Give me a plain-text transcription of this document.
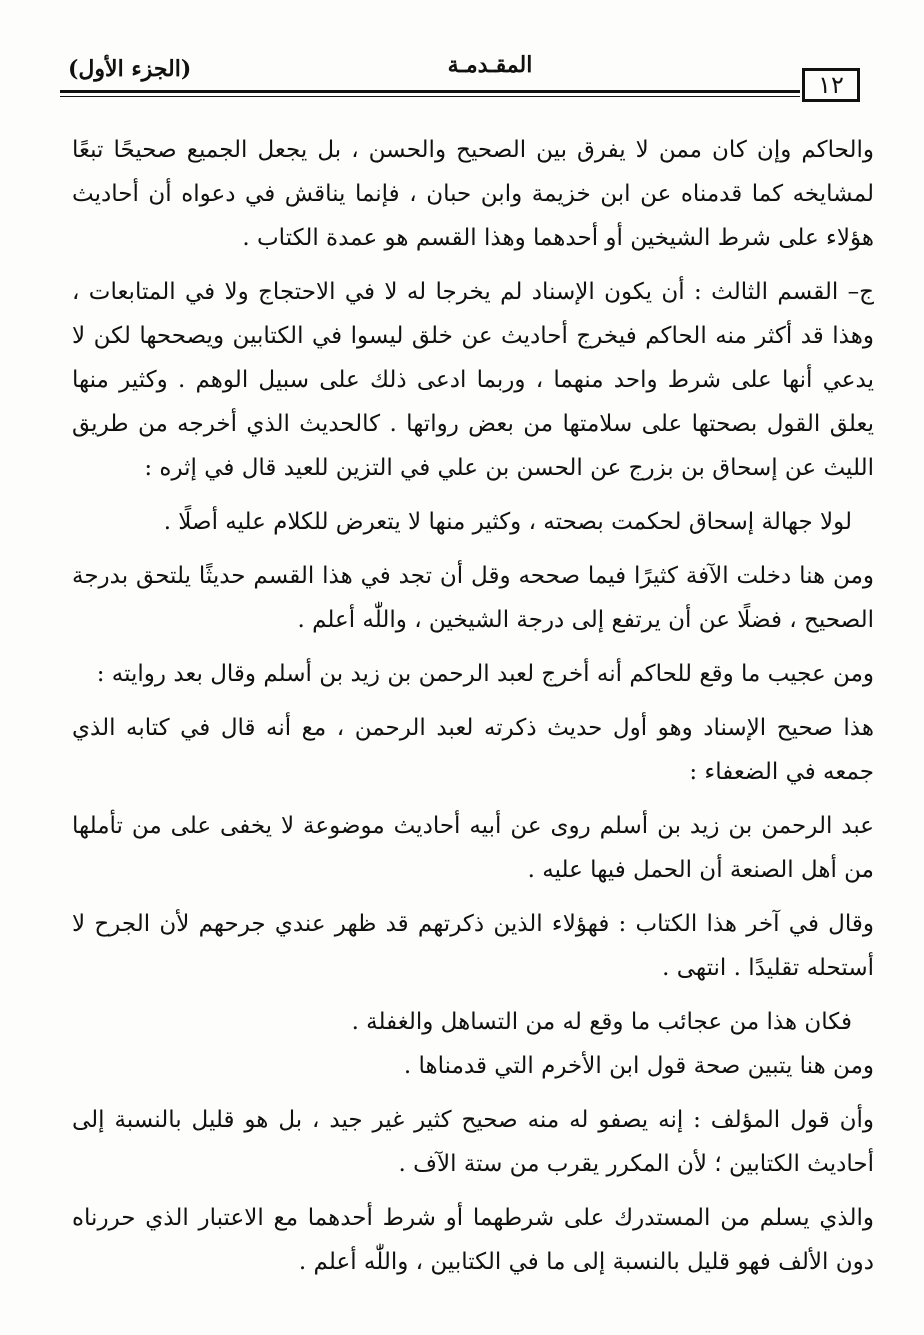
(الجزء الأول)	المقـدمـة
١٢

والحاكم وإن كان ممن لا يفرق بين الصحيح والحسن ، بل يجعل الجميع صحيحًا تبعًا لمشايخه كما قدمناه عن ابن خزيمة وابن حبان ، فإنما يناقش في دعواه أن أحاديث هؤلاء على شرط الشيخين أو أحدهما وهذا القسم هو عمدة الكتاب .

ج– القسم الثالث : أن يكون الإسناد لم يخرجا له لا في الاحتجاج ولا في المتابعات ، وهذا قد أكثر منه الحاكم فيخرج أحاديث عن خلق ليسوا في الكتابين ويصححها لكن لا يدعي أنها على شرط واحد منهما ، وربما ادعى ذلك على سبيل الوهم . وكثير منها يعلق القول بصحتها على سلامتها من بعض رواتها . كالحديث الذي أخرجه من طريق الليث عن إسحاق بن بزرج عن الحسن بن علي في التزين للعيد قال في إثره :

لولا جهالة إسحاق لحكمت بصحته ، وكثير منها لا يتعرض للكلام عليه أصلًا .

ومن هنا دخلت الآفة كثيرًا فيما صححه وقل أن تجد في هذا القسم حديثًا يلتحق بدرجة الصحيح ، فضلًا عن أن يرتفع إلى درجة الشيخين ، واللّٰه أعلم .

ومن عجيب ما وقع للحاكم أنه أخرج لعبد الرحمن بن زيد بن أسلم وقال بعد روايته :

هذا صحيح الإسناد وهو أول حديث ذكرته لعبد الرحمن ، مع أنه قال في كتابه الذي جمعه في الضعفاء :

عبد الرحمن بن زيد بن أسلم روى عن أبيه أحاديث موضوعة لا يخفى على من تأملها من أهل الصنعة أن الحمل فيها عليه .

وقال في آخر هذا الكتاب : فهؤلاء الذين ذكرتهم قد ظهر عندي جرحهم لأن الجرح لا أستحله تقليدًا . انتهى .

فكان هذا من عجائب ما وقع له من التساهل والغفلة .

ومن هنا يتبين صحة قول ابن الأخرم التي قدمناها .

وأن قول المؤلف : إنه يصفو له منه صحيح كثير غير جيد ، بل هو قليل بالنسبة إلى أحاديث الكتابين ؛ لأن المكرر يقرب من ستة الآف .

والذي يسلم من المستدرك على شرطهما أو شرط أحدهما مع الاعتبار الذي حررناه دون الألف فهو قليل بالنسبة إلى ما في الكتابين ، واللّٰه أعلم .
